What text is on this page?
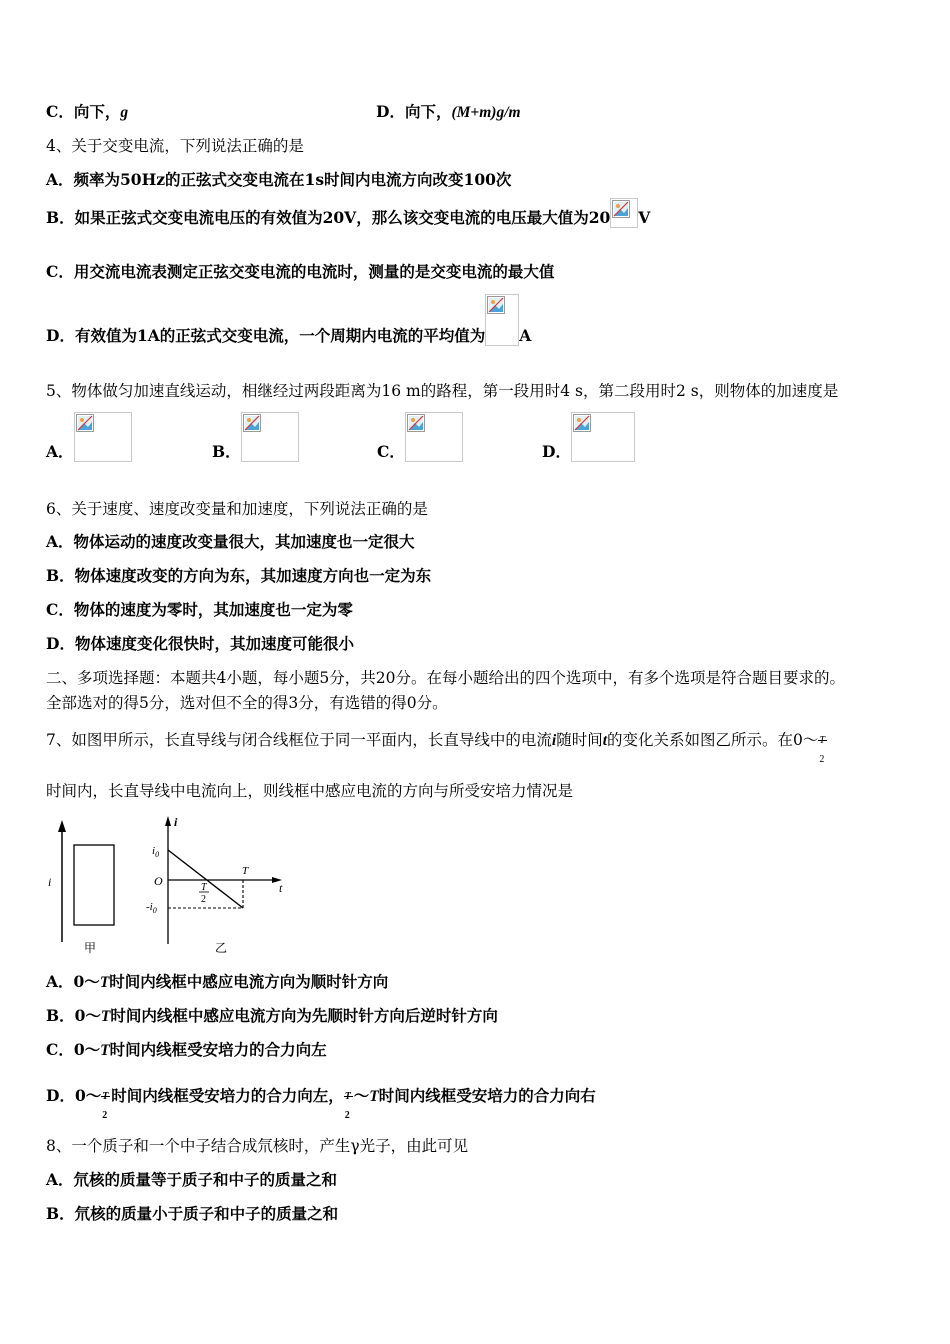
C．向下，g	D．向下，(M+m)g/m
4、关于交变电流，下列说法正确的是
A．频率为50Hz的正弦式交变电流在1s时间内电流方向改变100次
B．如果正弦式交变电流电压的有效值为20V，那么该交变电流的电压最大值为20 V
C．用交流电流表测定正弦交变电流的电流时，测量的是交变电流的最大值
D．有效值为1A的正弦式交变电流，一个周期内电流的平均值为 A
5、物体做匀加速直线运动，相继经过两段距离为16 m的路程，第一段用时4 s，第二段用时2 s，则物体的加速度是
A．	B．	C．	D．
6、关于速度、速度改变量和加速度，下列说法正确的是
A．物体运动的速度改变量很大，其加速度也一定很大
B．物体速度改变的方向为东，其加速度方向也一定为东
C．物体的速度为零时，其加速度也一定为零
D．物体速度变化很快时，其加速度可能很小
二、多项选择题：本题共4小题，每小题5分，共20分。在每小题给出的四个选项中，有多个选项是符合题目要求的。
全部选对的得5分，选对但不全的得3分，有选错的得0分。
7、如图甲所示，长直导线与闭合线框位于同一平面内，长直导线中的电流i随时间t的变化关系如图乙所示。在0～ T
2
时间内，长直导线中电流向上，则线框中感应电流的方向与所受安培力情况是
i
甲
i
t
O
$i_0$
$-i_0$
T
T
2
乙
A．0～T时间内线框中感应电流方向为顺时针方向
B．0～T时间内线框中感应电流方向为先顺时针方向后逆时针方向
C．0～T时间内线框受安培力的合力向左
D．0～ T
2
时间内线框受安培力的合力向左， T
2
～T时间内线框受安培力的合力向右
8、一个质子和一个中子结合成氘核时，产生γ光子，由此可见
A．氘核的质量等于质子和中子的质量之和
B．氘核的质量小于质子和中子的质量之和
